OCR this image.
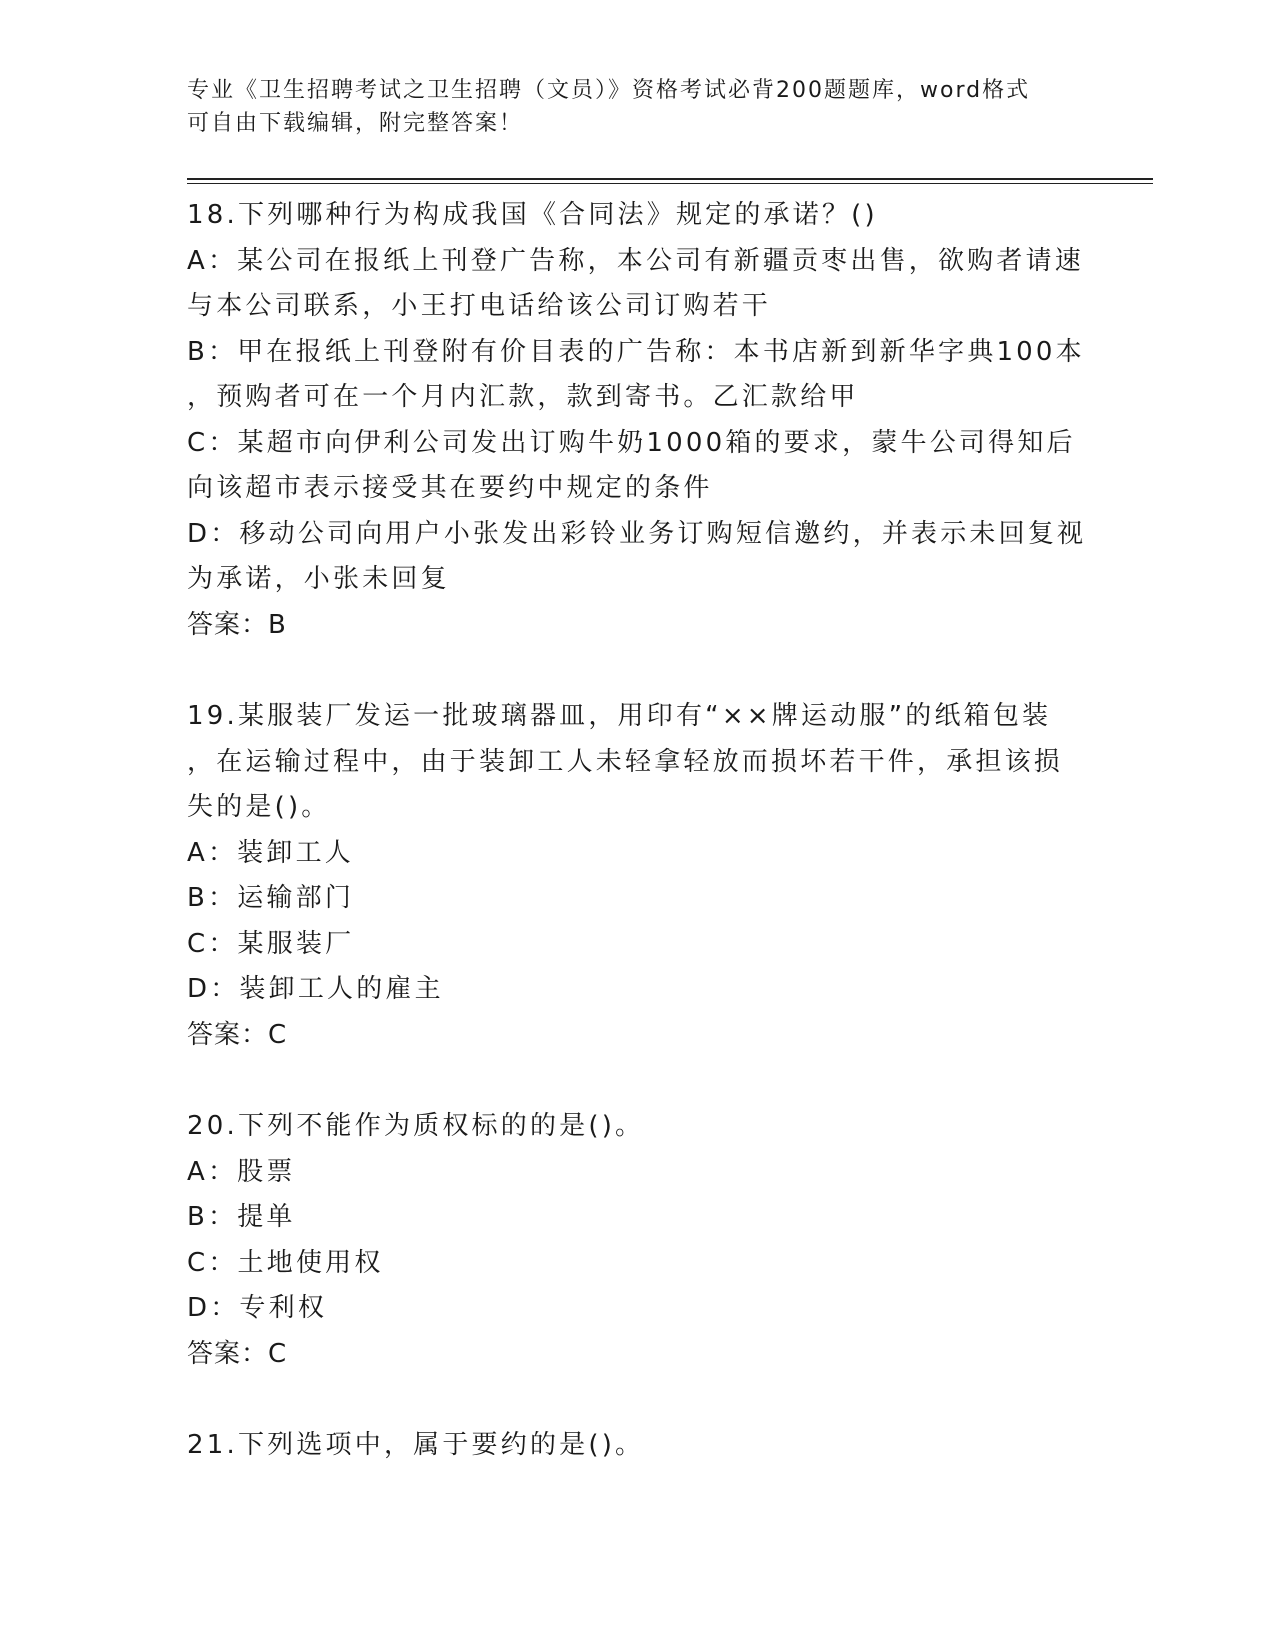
专业《卫生招聘考试之卫生招聘（文员）》资格考试必背200题题库，word格式
可自由下载编辑，附完整答案！
18.下列哪种行为构成我国《合同法》规定的承诺？()
A：某公司在报纸上刊登广告称，本公司有新疆贡枣出售，欲购者请速
与本公司联系，小王打电话给该公司订购若干
B：甲在报纸上刊登附有价目表的广告称：本书店新到新华字典100本
，预购者可在一个月内汇款，款到寄书。乙汇款给甲
C：某超市向伊利公司发出订购牛奶1000箱的要求，蒙牛公司得知后
向该超市表示接受其在要约中规定的条件
D：移动公司向用户小张发出彩铃业务订购短信邀约，并表示未回复视
为承诺，小张未回复
答案：B
19.某服装厂发运一批玻璃器皿，用印有“××牌运动服”的纸箱包装
，在运输过程中，由于装卸工人未轻拿轻放而损坏若干件，承担该损
失的是()。
A：装卸工人
B：运输部门
C：某服装厂
D：装卸工人的雇主
答案：C
20.下列不能作为质权标的的是()。
A：股票
B：提单
C：土地使用权
D：专利权
答案：C
21.下列选项中，属于要约的是()。
